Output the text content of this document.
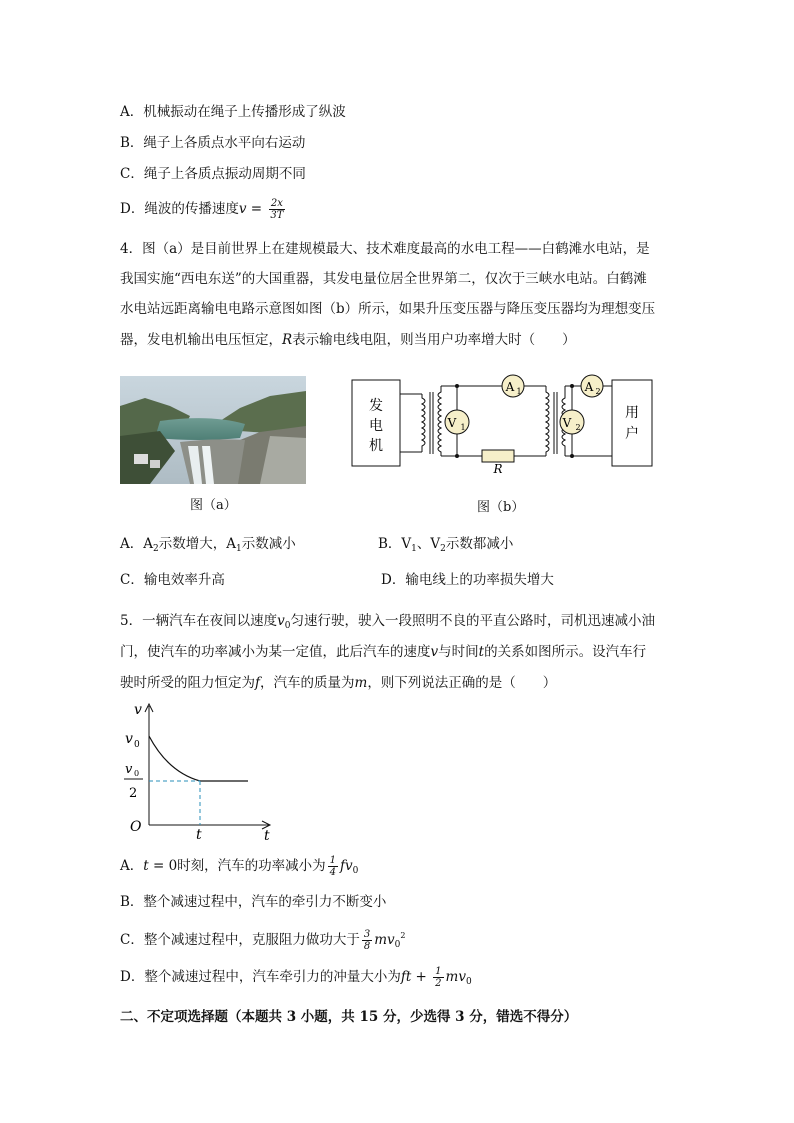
A．机械振动在绳子上传播形成了纵波
B．绳子上各质点水平向右运动
C．绳子上各质点振动周期不同
D．绳波的传播速度$v = \frac{2x}{3T}$
4．图（a）是目前世界上在建规模最大、技术难度最高的水电工程——白鹤滩水电站，是
我国实施“西电东送”的大国重器，其发电量位居全世界第二，仅次于三峡水电站。白鹤滩
水电站远距离输电电路示意图如图（b）所示，如果升压变压器与降压变压器均为理想变压
器，发电机输出电压恒定，R表示输电线电阻，则当用户功率增大时（　　）
图（a）
发
电
机
V 1
A 1
R
V 2
A 2
用
户
图（b）
A．$A_2$示数增大，$A_1$示数减小	B．$V_1$、$V_2$示数都减小
C．输电效率升高	D．输电线上的功率损失增大
5．一辆汽车在夜间以速度$v_0$匀速行驶，驶入一段照明不良的平直公路时，司机迅速减小油
门，使汽车的功率减小为某一定值，此后汽车的速度v与时间t的关系如图所示。设汽车行
驶时所受的阻力恒定为f，汽车的质量为m，则下列说法正确的是（　　）
v
t
O
v 0
v 0
2
t
A．t = 0时刻，汽车的功率减小为 $\frac{1}{4} fv_0$
B．整个减速过程中，汽车的牵引力不断变小
C．整个减速过程中，克服阻力做功大于 $\frac{3}{8} mv_0^2$
D．整个减速过程中，汽车牵引力的冲量大小为ft + $\frac{1}{2} mv_0$
二、不定项选择题（本题共 3 小题，共 15 分，少选得 3 分，错选不得分）
